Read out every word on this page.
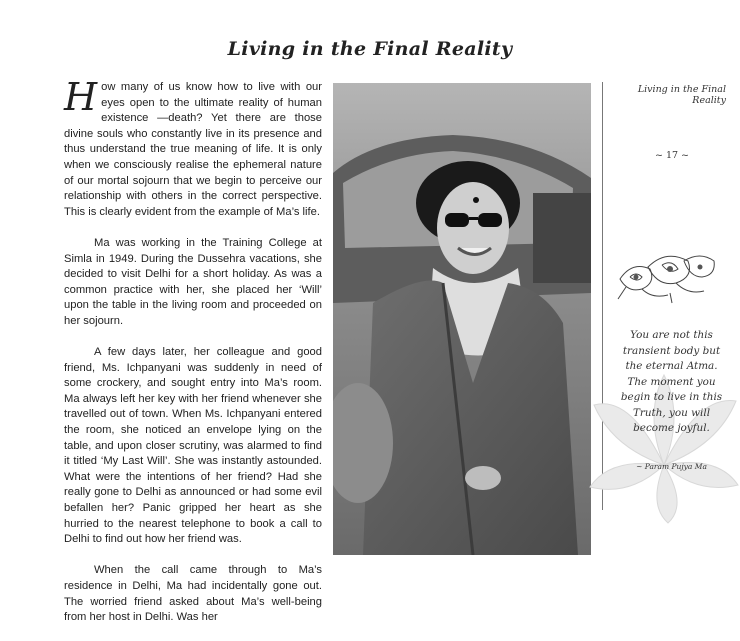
Living in the Final Reality

How many of us know how to live with our eyes open to the ultimate reality of human existence —death? Yet there are those divine souls who constantly live in its presence and thus understand the true meaning of life. It is only when we consciously realise the ephemeral nature of our mortal sojourn that we begin to perceive our relationship with others in the correct perspective. This is clearly evident from the example of Ma’s life.

Ma was working in the Training College at Simla in 1949. During the Dussehra vacations, she decided to visit Delhi for a short holiday. As was a common practice with her, she placed her ‘Will’ upon the table in the living room and proceeded on her sojourn.

A few days later, her colleague and good friend, Ms. Ichpanyani was suddenly in need of some crockery, and sought entry into Ma’s room. Ma always left her key with her friend whenever she travelled out of town. When Ms. Ichpanyani entered the room, she noticed an envelope lying on the table, and upon closer scrutiny, was alarmed to find it titled ‘My Last Will’. She was instantly astounded. What were the intentions of her friend? Had she really gone to Delhi as announced or had some evil befallen her? Panic gripped her heart as she hurried to the nearest telephone to book a call to Delhi to find out how her friend was.

When the call came through to Ma’s residence in Delhi, Ma had incidentally gone out. The worried friend asked about Ma’s well-being from her host in Delhi. Was her

Living in the Final Reality
~ 17 ~
You are not this
transient body but
the eternal Atma.
The moment you
begin to live in this
Truth, you will
become joyful.
~ Param Pujya Ma
